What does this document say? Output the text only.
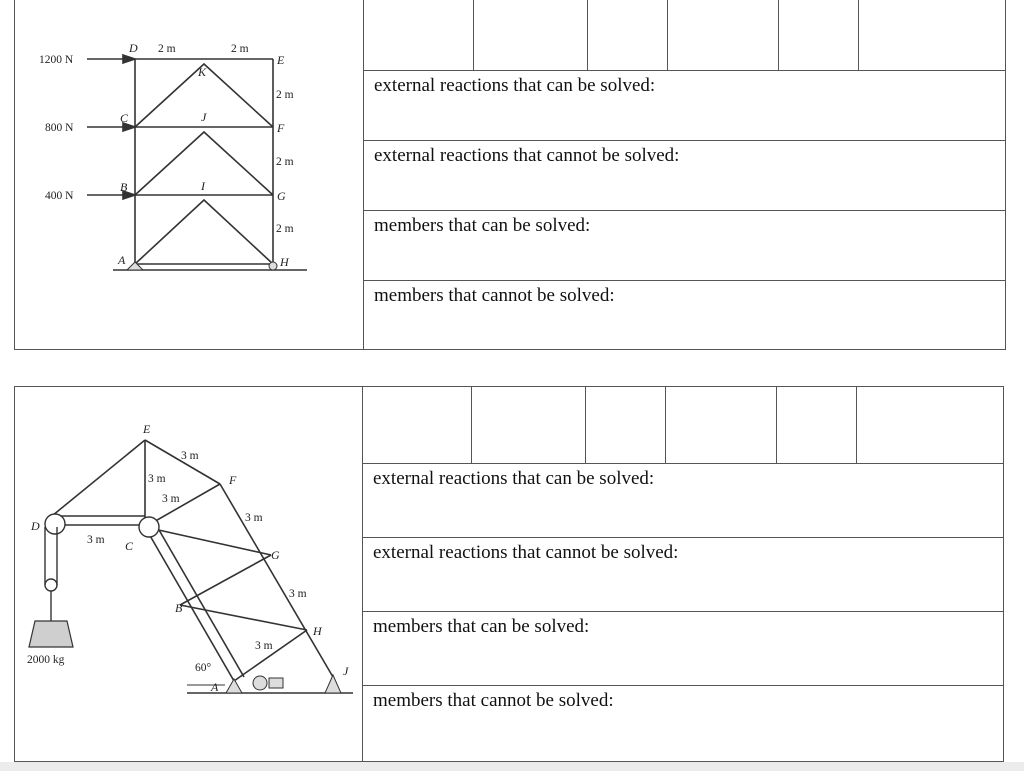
1200 N
800 N
400 N
2 m	2 m
2 m
2 m
2 m
A
B
C
D
E
F
G
H
I
J
K
external reactions that can be solved:
external reactions that cannot be solved:
members that can be solved:
members that cannot be solved:
3 m
3 m
3 m
3 m
3 m
3 m
3 m
60°
2000 kg
A
B
C
D
E
F
G
H
J
external reactions that can be solved:
external reactions that cannot be solved:
members that can be solved:
members that cannot be solved:
